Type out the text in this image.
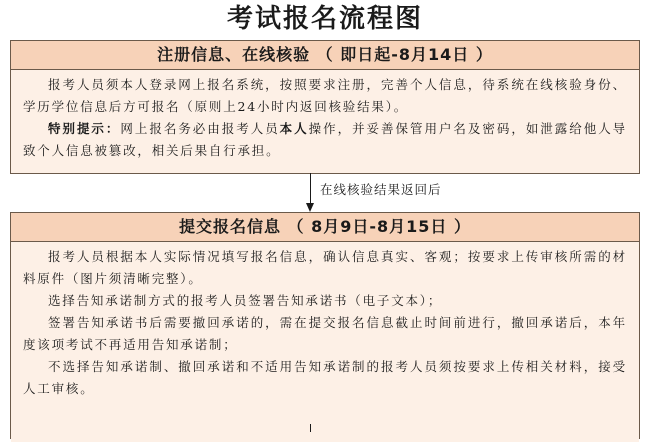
考试报名流程图
注册信息、在线核验 （ 即日起-8月14日 ）

报考人员须本人登录网上报名系统，按照要求注册，完善个人信息，待系统在线核验身份、学历学位信息后方可报名（原则上24小时内返回核验结果）。

特别提示：网上报名务必由报考人员本人操作，并妥善保管用户名及密码，如泄露给他人导致个人信息被篡改，相关后果自行承担。

在线核验结果返回后
提交报名信息 （ 8月9日-8月15日 ）

报考人员根据本人实际情况填写报名信息，确认信息真实、客观；按要求上传审核所需的材料原件（图片须清晰完整）。

选择告知承诺制方式的报考人员签署告知承诺书（电子文本）；

签署告知承诺书后需要撤回承诺的，需在提交报名信息截止时间前进行，撤回承诺后，本年度该项考试不再适用告知承诺制；

不选择告知承诺制、撤回承诺和不适用告知承诺制的报考人员须按要求上传相关材料，接受人工审核。
